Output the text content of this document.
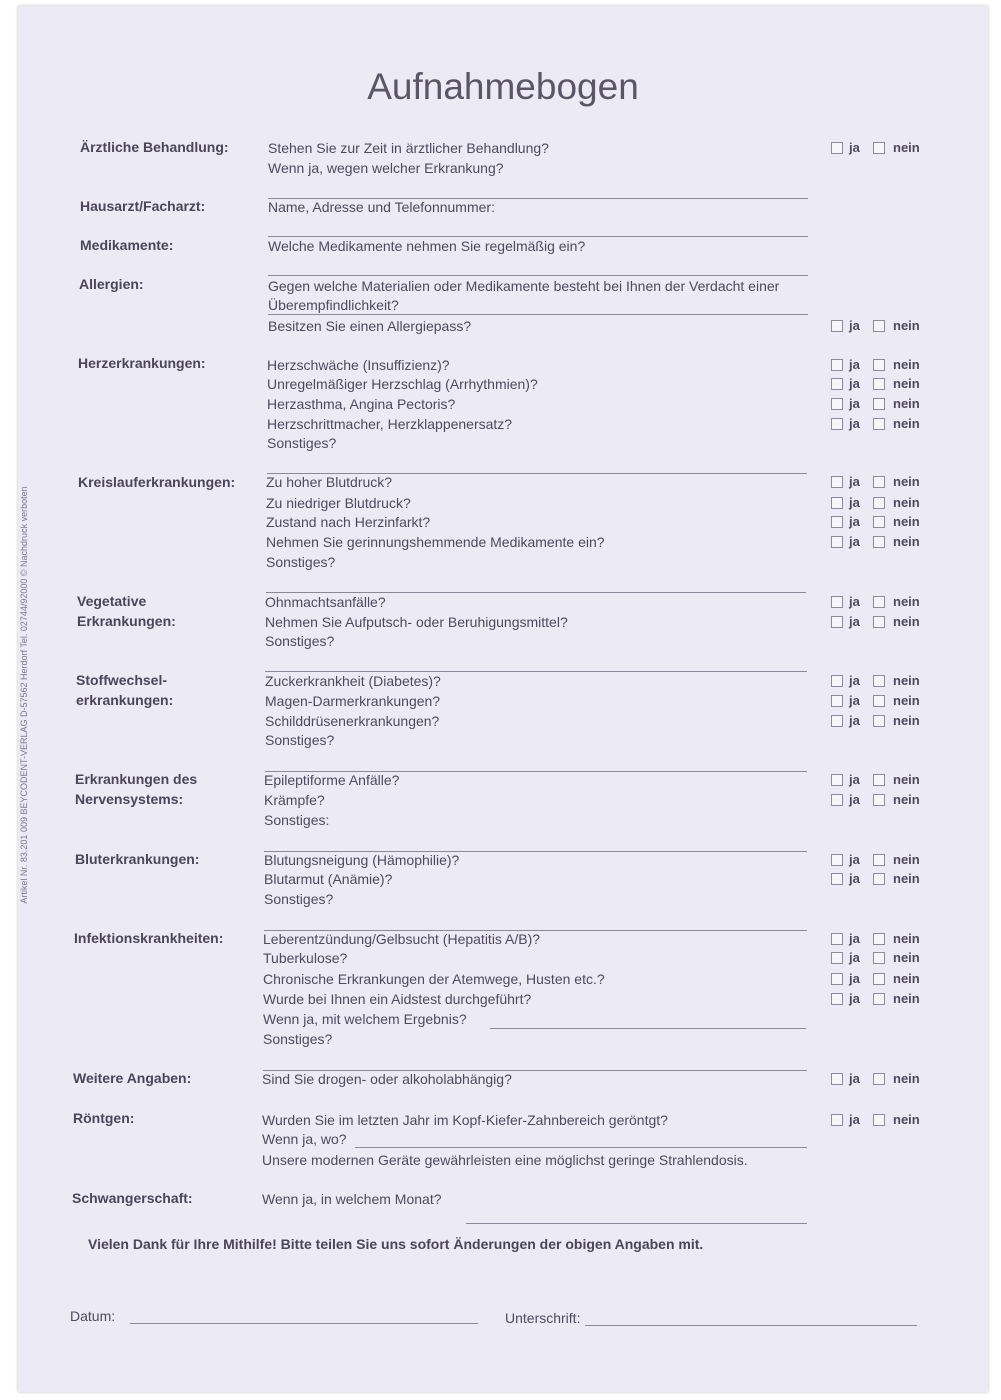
Aufnahmebogen
Vielen Dank für Ihre Mithilfe! Bitte teilen Sie uns sofort Änderungen der obigen Angaben mit.
Ärztliche Behandlung:	Stehen Sie zur Zeit in ärztlicher Behandlung?	ja	nein
Wenn ja, wegen welcher Erkrankung?
Hausarzt/Facharzt:	Name, Adresse und Telefonnummer:
Medikamente:	Welche Medikamente nehmen Sie regelmäßig ein?
Allergien:	Gegen welche Materialien oder Medikamente besteht bei Ihnen der Verdacht einer
Überempfindlichkeit?
Besitzen Sie einen Allergiepass?	ja	nein
Herzerkrankungen:	Herzschwäche (Insuffizienz)?	ja	nein
Unregelmäßiger Herzschlag (Arrhythmien)?	ja	nein
Herzasthma, Angina Pectoris?	ja	nein
Herzschrittmacher, Herzklappenersatz?	ja	nein
Sonstiges?
Kreislauferkrankungen: Zu hoher Blutdruck?	ja	nein
Zu niedriger Blutdruck?	ja	nein
Zustand nach Herzinfarkt?	ja	nein
Nehmen Sie gerinnungshemmende Medikamente ein?	ja	nein
Sonstiges?
Vegetative
Erkrankungen:
Ohnmachtsanfälle?	ja	nein
Nehmen Sie Aufputsch- oder Beruhigungsmittel?	ja	nein
Sonstiges?
Stoffwechsel-
erkrankungen:
Zuckerkrankheit (Diabetes)?	ja	nein
Magen-Darmerkrankungen?	ja	nein
Schilddrüsenerkrankungen?	ja	nein
Sonstiges?
Erkrankungen des
Nervensystems:
Epileptiforme Anfälle?	ja	nein
Krämpfe?	ja	nein
Sonstiges:
Bluterkrankungen:	Blutungsneigung (Hämophilie)?	ja	nein
Blutarmut (Anämie)?	ja	nein
Sonstiges?
Infektionskrankheiten:	Leberentzündung/Gelbsucht (Hepatitis A/B)?	ja	nein
Tuberkulose?	ja	nein
Chronische Erkrankungen der Atemwege, Husten etc.?	ja	nein
Wurde bei Ihnen ein Aidstest durchgeführt?	ja	nein
Wenn ja, mit welchem Ergebnis?
Sonstiges?
Weitere Angaben:	Sind Sie drogen- oder alkoholabhängig?	ja	nein
Röntgen:	Wurden Sie im letzten Jahr im Kopf-Kiefer-Zahnbereich geröntgt?	ja	nein
Wenn ja, wo?
Unsere modernen Geräte gewährleisten eine möglichst geringe Strahlendosis.
Schwangerschaft:	Wenn ja, in welchem Monat?
Artikel Nr. 83.201 009 BEYCODENT-VERLAG D-57562 Herdorf Tel. 02744/92000 © Nachdruck verboten
Datum:	Unterschrift:
